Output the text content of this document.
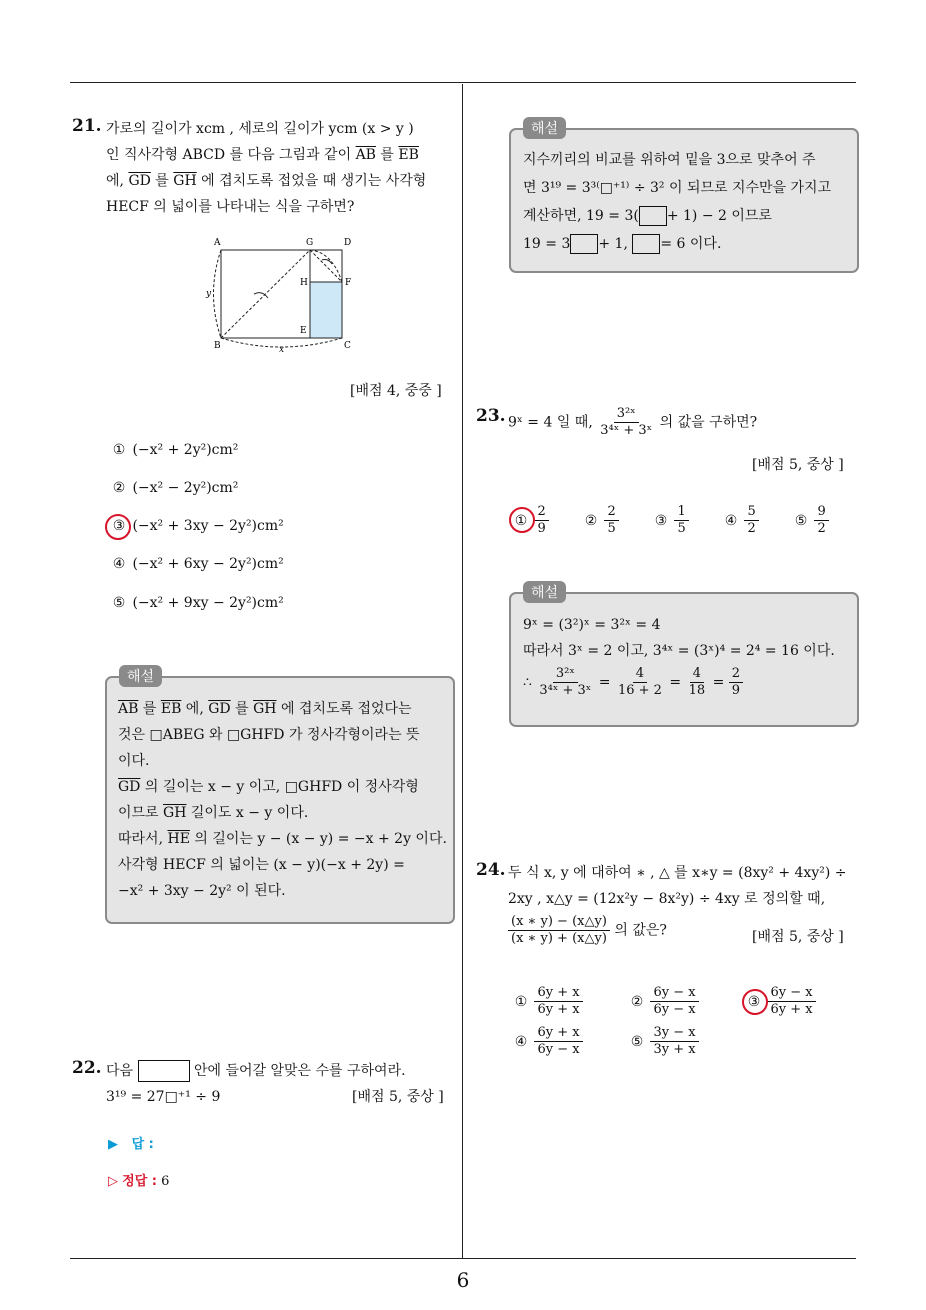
6
21. 가로의 길이가 xcm , 세로의 길이가 ycm (x > y )
인 직사각형 ABCD 를 다음 그림과 같이 $\overline{AB}$ 를 $\overline{EB}$
에, $\overline{GD}$ 를 $\overline{GH}$ 에 겹치도록 접었을 때 생기는 사각형
HECF 의 넓이를 나타내는 식을 구하면?
A	G	D
H	F
E
B	C
y
x
[배점 4, 중중 ]
① (−x² + 2y²)cm²
② (−x² − 2y²)cm²
③ (−x² + 3xy − 2y²)cm²
④ (−x² + 6xy − 2y²)cm²
⑤ (−x² + 9xy − 2y²)cm²
$\overline{AB}$ 를 $\overline{EB}$ 에, $\overline{GD}$ 를 $\overline{GH}$ 에 겹치도록 접었다는
것은 □ABEG 와 □GHFD 가 정사각형이라는 뜻
이다.
$\overline{GD}$ 의 길이는 x − y 이고, □GHFD 이 정사각형
이므로 $\overline{GH}$ 길이도 x − y 이다.
따라서, $\overline{HE}$ 의 길이는 y − (x − y) = −x + 2y 이다.
사각형 HECF 의 넓이는 (x − y)(−x + 2y) =
−x² + 3xy − 2y² 이 된다.
해설
22. 다음	안에 들어갈 알맞은 수를 구하여라.
3¹⁹ = 27□⁺¹ ÷ 9	[배점 5, 중상 ]
▶ 답 :
▷ 정답 : 6
지수끼리의 비교를 위하여 밑을 3으로 맞추어 주
면 3¹⁹ = 3³⁽□⁺¹⁾ ÷ 3² 이 되므로 지수만을 가지고
계산하면, 19 = 3( + 1) − 2 이므로
19 = 3 + 1, = 6 이다.
해설
23. 9ˣ = 4 일 때, $\frac{\text{3²ˣ}}{\text{3⁴ˣ + 3ˣ}}$ 의 값을 구하면?
[배점 5, 중상 ]
① $\frac{2}{9}$	② $\frac{2}{5}$	③ $\frac{1}{5}$	④ $\frac{5}{2}$	⑤ $\frac{9}{2}$
9ˣ = (3²)ˣ = 3²ˣ = 4
따라서 3ˣ = 2 이고, 3⁴ˣ = (3ˣ)⁴ = 2⁴ = 16 이다.
∴ $\frac{\text{3²ˣ}}{\text{3⁴ˣ + 3ˣ}} = \frac{4}{16 + 2} = \frac{4}{18} = \frac{2}{9}$
해설
24. 두 식 x, y 에 대하여 ∗ , △ 를 x∗y = (8xy² + 4xy²) ÷
2xy , x△y = (12x²y − 8x²y) ÷ 4xy 로 정의할 때,
$\frac{(x ∗ y) - (x\triangle y)}{(x ∗ y) + (x\triangle y)}$ 의 값은?	[배점 5, 중상 ]
① $\frac{6y + x}{6y + x}$	② $\frac{6y - x}{6y - x}$	③ $\frac{6y - x}{6y + x}$
④ $\frac{6y + x}{6y - x}$	⑤ $\frac{3y - x}{3y + x}$
